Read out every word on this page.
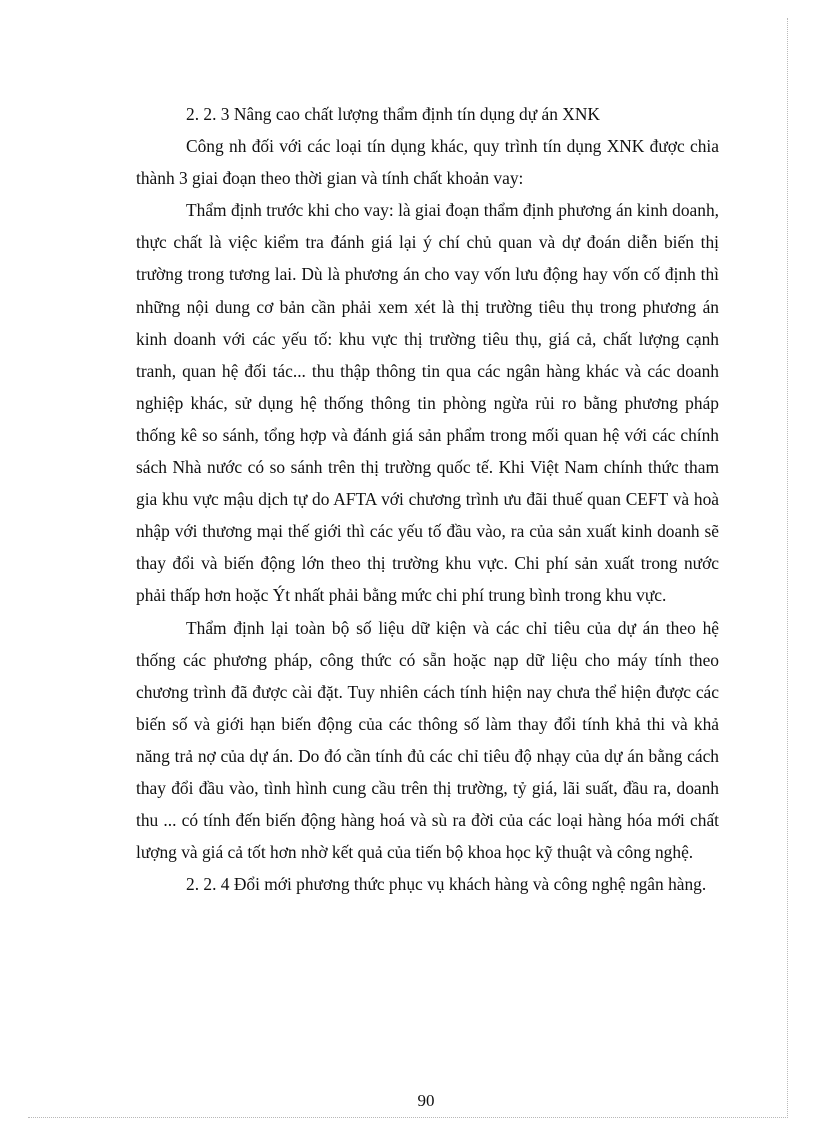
2. 2. 3 Nâng cao chất lượng thẩm định tín dụng dự án XNK

Công nh đối với các loại tín dụng khác, quy trình tín dụng XNK được chia thành 3 giai đoạn theo thời gian và tính chất khoản vay:

Thẩm định trước khi cho vay: là giai đoạn thẩm định phương án kinh doanh, thực chất là việc kiểm tra đánh giá lại ý chí chủ quan và dự đoán diễn biến thị trường trong tương lai. Dù là phương án cho vay vốn lưu động hay vốn cố định thì những nội dung cơ bản cần phải xem xét là thị trường tiêu thụ trong phương án kinh doanh với các yếu tố: khu vực thị trường tiêu thụ, giá cả, chất lượng cạnh tranh, quan hệ đối tác... thu thập thông tin qua các ngân hàng khác và các doanh nghiệp khác, sử dụng hệ thống thông tin phòng ngừa rủi ro bằng phương pháp thống kê so sánh, tổng hợp và đánh giá sản phẩm trong mối quan hệ với các chính sách Nhà nước có so sánh trên thị trường quốc tế. Khi Việt Nam chính thức tham gia khu vực mậu dịch tự do AFTA với chương trình ưu đãi thuế quan CEFT và hoà nhập với thương mại thế giới thì các yếu tố đầu vào, ra của sản xuất kinh doanh sẽ thay đổi và biến động lớn theo thị trường khu vực. Chi phí sản xuất trong nước phải thấp hơn hoặc Ýt nhất phải bằng mức chi phí trung bình trong khu vực.

Thẩm định lại toàn bộ số liệu dữ kiện và các chỉ tiêu của dự án theo hệ thống các phương pháp, công thức có sẵn hoặc nạp dữ liệu cho máy tính theo chương trình đã được cài đặt. Tuy nhiên cách tính hiện nay chưa thể hiện được các biến số và giới hạn biến động của các thông số làm thay đổi tính khả thi và khả năng trả nợ của dự án. Do đó cần tính đủ các chỉ tiêu độ nhạy của dự án bằng cách thay đổi đầu vào, tình hình cung cầu trên thị trường, tỷ giá, lãi suất, đầu ra, doanh thu ... có tính đến biến động hàng hoá và sù ra đời của các loại hàng hóa mới chất lượng và giá cả tốt hơn nhờ kết quả của tiến bộ khoa học kỹ thuật và công nghệ.

2. 2. 4 Đổi mới phương thức phục vụ khách hàng và công nghệ ngân hàng.

90
